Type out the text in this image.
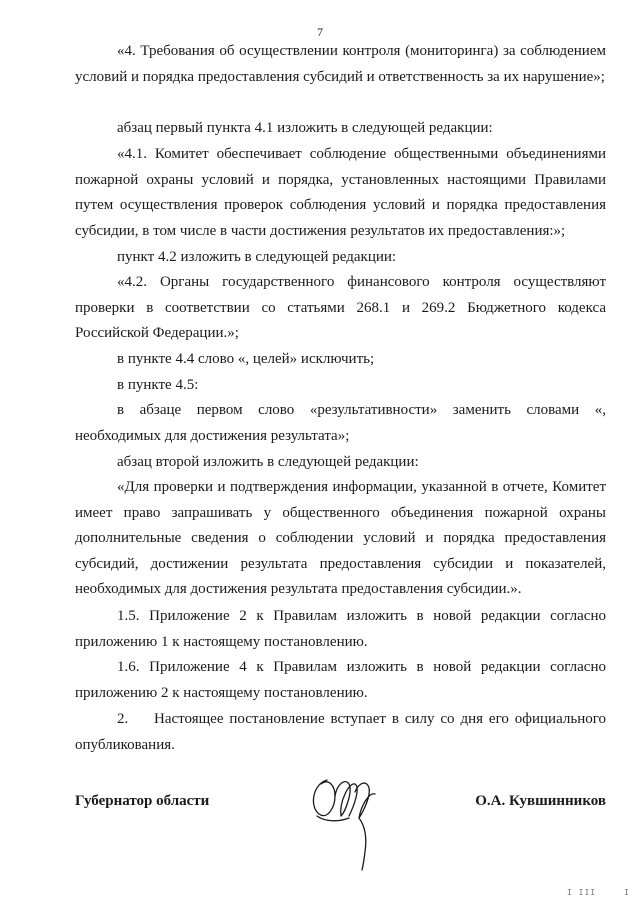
7
«4. Требования об осуществлении контроля (мониторинга) за соблюдением условий и порядка предоставления субсидий и ответственность за их нарушение»;
абзац первый пункта 4.1 изложить в следующей редакции:
«4.1. Комитет обеспечивает соблюдение общественными объединениями пожарной охраны условий и порядка, установленных настоящими Правилами путем осуществления проверок соблюдения условий и порядка предоставления субсидии, в том числе в части достижения результатов их предоставления:»;
пункт 4.2 изложить в следующей редакции:
«4.2. Органы государственного финансового контроля осуществляют проверки в соответствии со статьями 268.1 и 269.2 Бюджетного кодекса Российской Федерации.»;
в пункте 4.4 слово «, целей» исключить;
в пункте 4.5:
в абзаце первом слово «результативности» заменить словами «, необходимых для достижения результата»;
абзац второй изложить в следующей редакции:
«Для проверки и подтверждения информации, указанной в отчете, Комитет имеет право запрашивать у общественного объединения пожарной охраны дополнительные сведения о соблюдении условий и порядка предоставления субсидий, достижении результата предоставления субсидии и показателей, необходимых для достижения результата предоставления субсидии.».
1.5. Приложение 2 к Правилам изложить в новой редакции согласно приложению 1 к настоящему постановлению.
1.6. Приложение 4 к Правилам изложить в новой редакции согласно приложению 2 к настоящему постановлению.
2. Настоящее постановление вступает в силу со дня его официального опубликования.
Губернатор области	О.А. Кувшинников
I III	I
